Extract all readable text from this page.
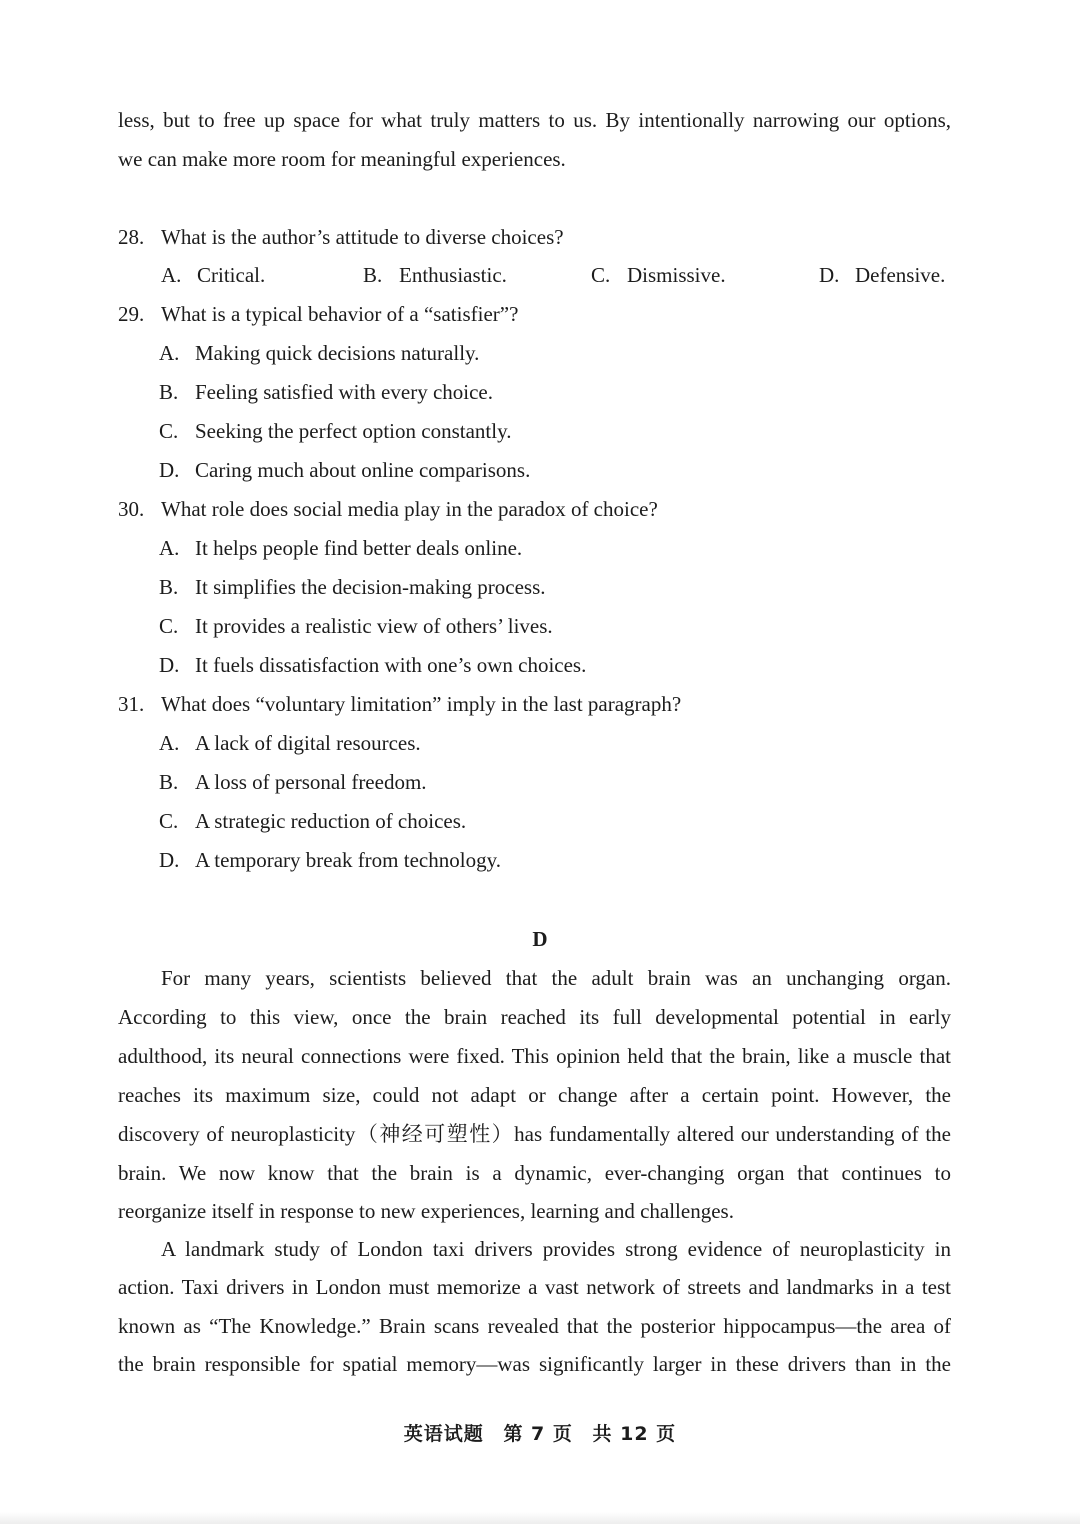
less, but to free up space for what truly matters to us. By intentionally narrowing our options,
we can make more room for meaningful experiences.
28. What is the author’s attitude to diverse choices?
A. Critical.	B. Enthusiastic.	C. Dismissive.	D. Defensive.
29. What is a typical behavior of a “satisfier”?
A. Making quick decisions naturally.
B. Feeling satisfied with every choice.
C. Seeking the perfect option constantly.
D. Caring much about online comparisons.
30. What role does social media play in the paradox of choice?
A. It helps people find better deals online.
B. It simplifies the decision-making process.
C. It provides a realistic view of others’ lives.
D. It fuels dissatisfaction with one’s own choices.
31. What does “voluntary limitation” imply in the last paragraph?
A. A lack of digital resources.
B. A loss of personal freedom.
C. A strategic reduction of choices.
D. A temporary break from technology.
D
For many years, scientists believed that the adult brain was an unchanging organ.
According to this view, once the brain reached its full developmental potential in early
adulthood, its neural connections were fixed. This opinion held that the brain, like a muscle that
reaches its maximum size, could not adapt or change after a certain point. However, the
discovery of neuroplasticity（神经可塑性）has fundamentally altered our understanding of the
brain. We now know that the brain is a dynamic, ever-changing organ that continues to
reorganize itself in response to new experiences, learning and challenges.
A landmark study of London taxi drivers provides strong evidence of neuroplasticity in
action. Taxi drivers in London must memorize a vast network of streets and landmarks in a test
known as “The Knowledge.” Brain scans revealed that the posterior hippocampus—the area of
the brain responsible for spatial memory—was significantly larger in these drivers than in the
英语试题 第 7 页 共 12 页
